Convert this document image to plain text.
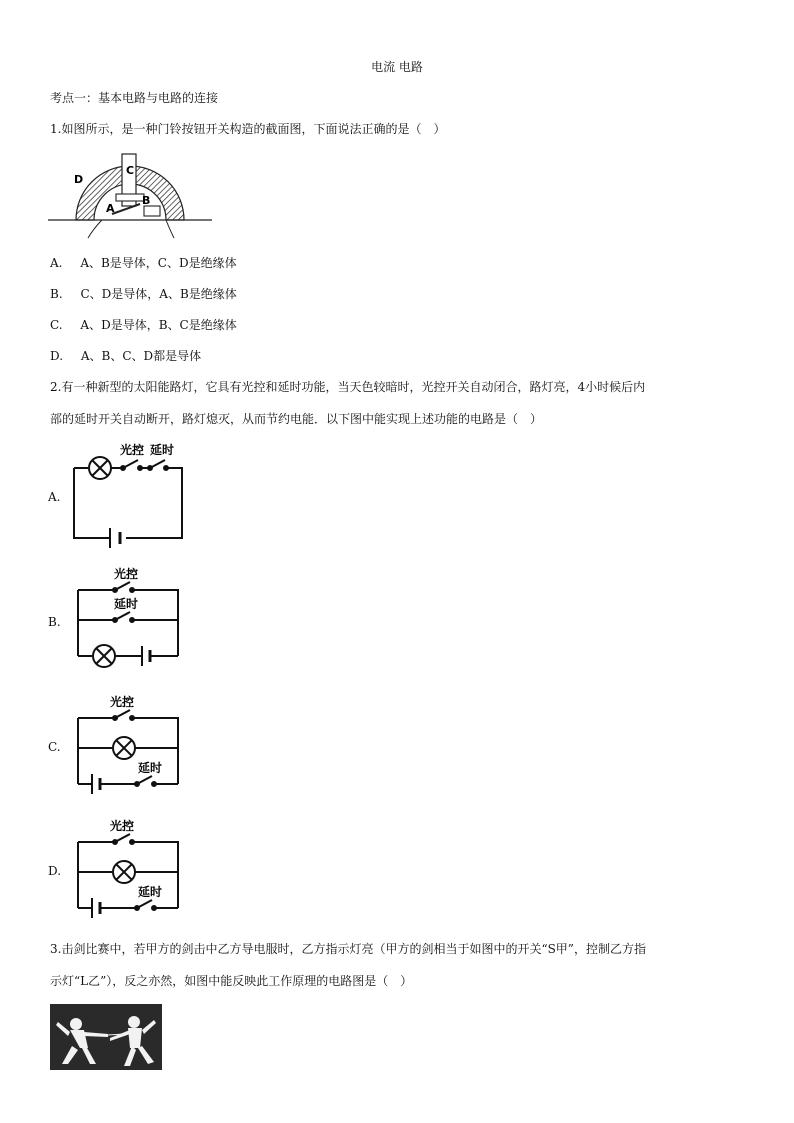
电流 电路
考点一：基本电路与电路的连接
1.如图所示，是一种门铃按钮开关构造的截面图，下面说法正确的是（　）
C
D
A
B
A. A、B是导体，C、D是绝缘体
B. C、D是导体，A、B是绝缘体
C. A、D是导体，B、C是绝缘体
D. A、B、C、D都是导体
2.有一种新型的太阳能路灯，它具有光控和延时功能，当天色较暗时，光控开关自动闭合，路灯亮，4小时候后内
部的延时开关自动断开，路灯熄灭，从而节约电能．以下图中能实现上述功能的电路是（　）
A.
光控 延时
B.
光控
延时
C.
光控
延时
D.
光控
延时
3.击剑比赛中，若甲方的剑击中乙方导电服时，乙方指示灯亮（甲方的剑相当于如图中的开关“S甲”，控制乙方指
示灯“L乙”），反之亦然，如图中能反映此工作原理的电路图是（　）
